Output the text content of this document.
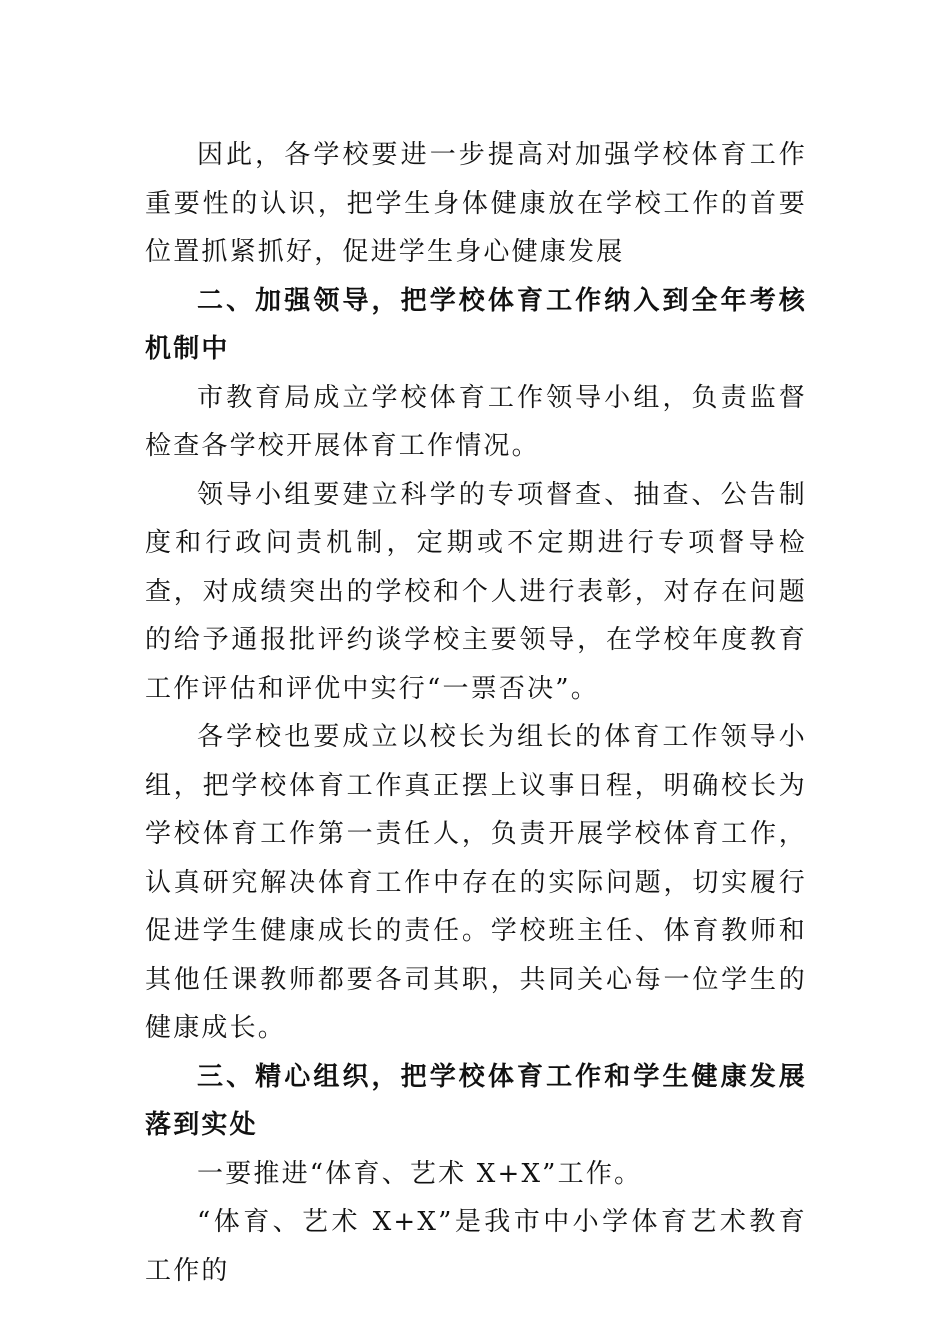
因此，各学校要进一步提高对加强学校体育工作重要性的认识，把学生身体健康放在学校工作的首要位置抓紧抓好，促进学生身心健康发展

二、加强领导，把学校体育工作纳入到全年考核机制中

市教育局成立学校体育工作领导小组，负责监督检查各学校开展体育工作情况。

领导小组要建立科学的专项督查、抽查、公告制度和行政问责机制，定期或不定期进行专项督导检查，对成绩突出的学校和个人进行表彰，对存在问题的给予通报批评约谈学校主要领导，在学校年度教育工作评估和评优中实行“一票否决”。

各学校也要成立以校长为组长的体育工作领导小组，把学校体育工作真正摆上议事日程，明确校长为学校体育工作第一责任人，负责开展学校体育工作，认真研究解决体育工作中存在的实际问题，切实履行促进学生健康成长的责任。学校班主任、体育教师和其他任课教师都要各司其职，共同关心每一位学生的健康成长。

三、精心组织，把学校体育工作和学生健康发展落到实处

一要推进“体育、艺术 X+X”工作。

“体育、艺术 X+X”是我市中小学体育艺术教育工作的
